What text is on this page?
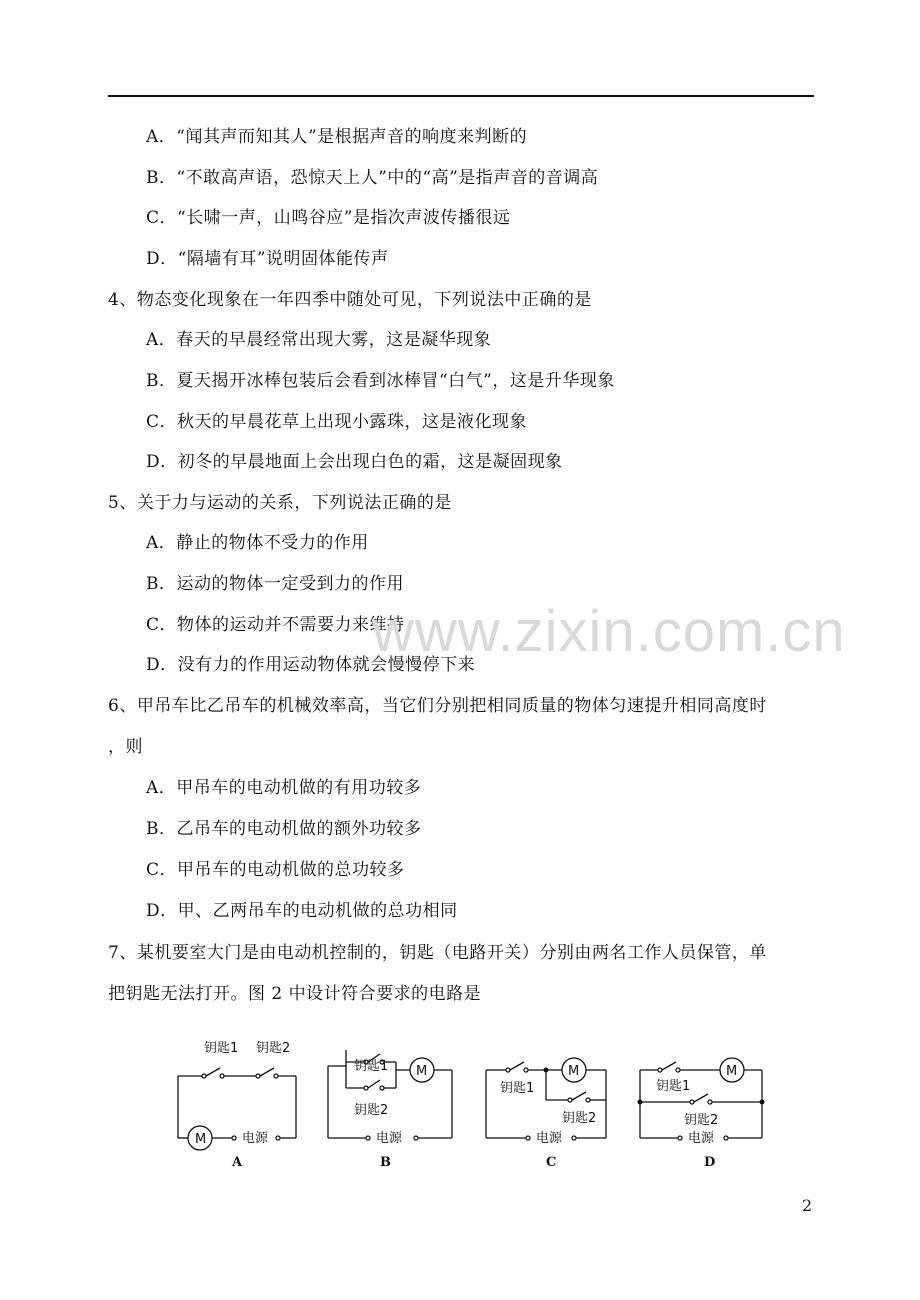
A．“闻其声而知其人”是根据声音的响度来判断的
B．“不敢高声语，恐惊天上人”中的“高”是指声音的音调高
C．“长啸一声，山鸣谷应”是指次声波传播很远
D．“隔墙有耳”说明固体能传声
4、物态变化现象在一年四季中随处可见，下列说法中正确的是
A．春天的早晨经常出现大雾，这是凝华现象
B．夏天揭开冰棒包装后会看到冰棒冒“白气”，这是升华现象
C．秋天的早晨花草上出现小露珠，这是液化现象
D．初冬的早晨地面上会出现白色的霜，这是凝固现象
5、关于力与运动的关系，下列说法正确的是
A．静止的物体不受力的作用
B．运动的物体一定受到力的作用
C．物体的运动并不需要力来维持
D．没有力的作用运动物体就会慢慢停下来
6、甲吊车比乙吊车的机械效率高，当它们分别把相同质量的物体匀速提升相同高度时
，则
A．甲吊车的电动机做的有用功较多
B．乙吊车的电动机做的额外功较多
C．甲吊车的电动机做的总功较多
D．甲、乙两吊车的电动机做的总功相同
7、某机要室大门是由电动机控制的，钥匙（电路开关）分别由两名工作人员保管，单
把钥匙无法打开。图 2 中设计符合要求的电路是
www.zixin.com.cn
钥匙1 钥匙2
M	电源
A
钥匙1
钥匙2
M
电源
B
钥匙1
钥匙2
M
电源
C
钥匙1
钥匙2
M
电源
D
2
